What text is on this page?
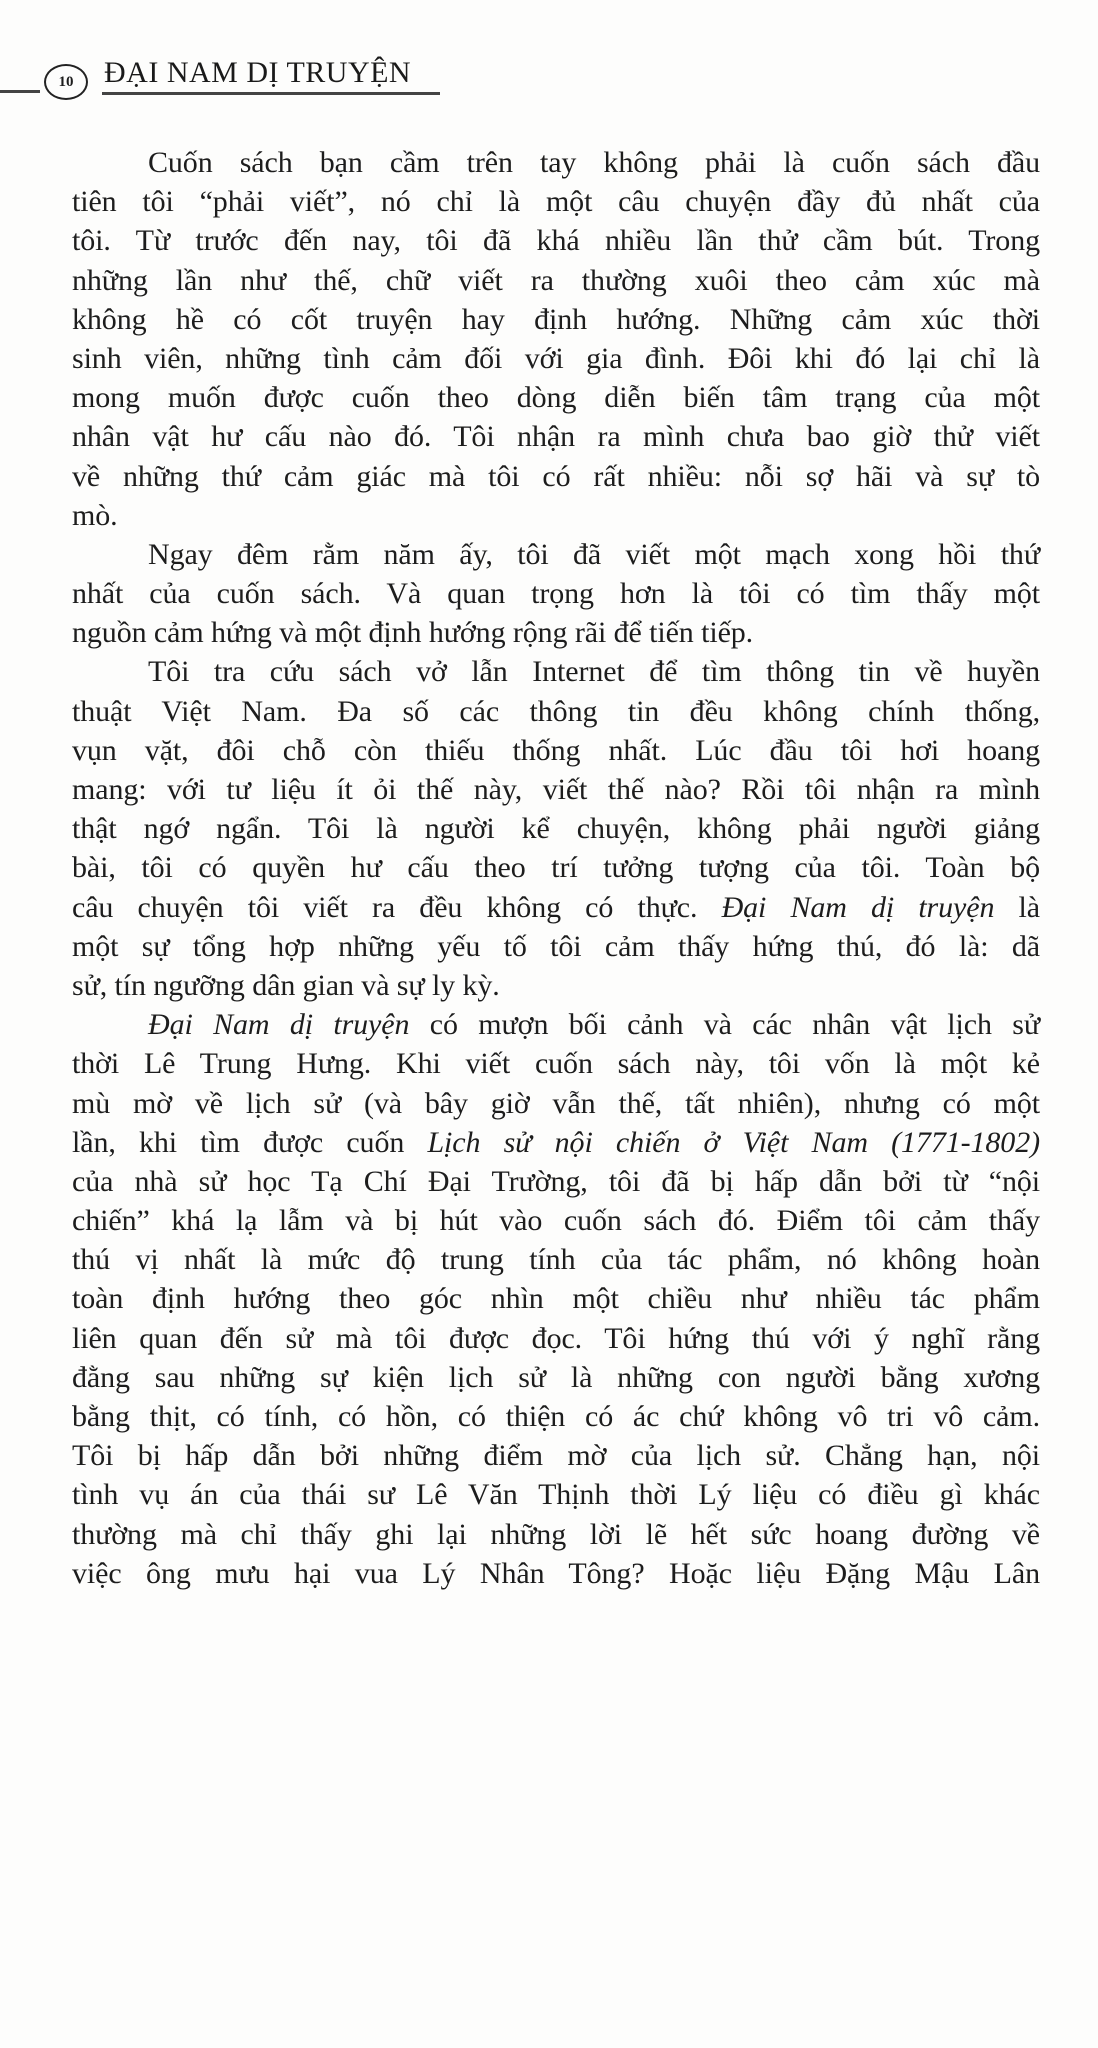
10	ĐẠI NAM DỊ TRUYỆN
Cuốn sách bạn cầm trên tay không phải là cuốn sách đầu
tiên tôi “phải viết”, nó chỉ là một câu chuyện đầy đủ nhất của
tôi. Từ trước đến nay, tôi đã khá nhiều lần thử cầm bút. Trong
những lần như thế, chữ viết ra thường xuôi theo cảm xúc mà
không hề có cốt truyện hay định hướng. Những cảm xúc thời
sinh viên, những tình cảm đối với gia đình. Đôi khi đó lại chỉ là
mong muốn được cuốn theo dòng diễn biến tâm trạng của một
nhân vật hư cấu nào đó. Tôi nhận ra mình chưa bao giờ thử viết
về những thứ cảm giác mà tôi có rất nhiều: nỗi sợ hãi và sự tò
mò.
Ngay đêm rằm năm ấy, tôi đã viết một mạch xong hồi thứ
nhất của cuốn sách. Và quan trọng hơn là tôi có tìm thấy một
nguồn cảm hứng và một định hướng rộng rãi để tiến tiếp.
Tôi tra cứu sách vở lẫn Internet để tìm thông tin về huyền
thuật Việt Nam. Đa số các thông tin đều không chính thống,
vụn vặt, đôi chỗ còn thiếu thống nhất. Lúc đầu tôi hơi hoang
mang: với tư liệu ít ỏi thế này, viết thế nào? Rồi tôi nhận ra mình
thật ngớ ngẩn. Tôi là người kể chuyện, không phải người giảng
bài, tôi có quyền hư cấu theo trí tưởng tượng của tôi. Toàn bộ
câu chuyện tôi viết ra đều không có thực. Đại Nam dị truyện là
một sự tổng hợp những yếu tố tôi cảm thấy hứng thú, đó là: dã
sử, tín ngưỡng dân gian và sự ly kỳ.
Đại Nam dị truyện có mượn bối cảnh và các nhân vật lịch sử
thời Lê Trung Hưng. Khi viết cuốn sách này, tôi vốn là một kẻ
mù mờ về lịch sử (và bây giờ vẫn thế, tất nhiên), nhưng có một
lần, khi tìm được cuốn Lịch sử nội chiến ở Việt Nam (1771-1802)
của nhà sử học Tạ Chí Đại Trường, tôi đã bị hấp dẫn bởi từ “nội
chiến” khá lạ lẫm và bị hút vào cuốn sách đó. Điểm tôi cảm thấy
thú vị nhất là mức độ trung tính của tác phẩm, nó không hoàn
toàn định hướng theo góc nhìn một chiều như nhiều tác phẩm
liên quan đến sử mà tôi được đọc. Tôi hứng thú với ý nghĩ rằng
đằng sau những sự kiện lịch sử là những con người bằng xương
bằng thịt, có tính, có hồn, có thiện có ác chứ không vô tri vô cảm.
Tôi bị hấp dẫn bởi những điểm mờ của lịch sử. Chẳng hạn, nội
tình vụ án của thái sư Lê Văn Thịnh thời Lý liệu có điều gì khác
thường mà chỉ thấy ghi lại những lời lẽ hết sức hoang đường về
việc ông mưu hại vua Lý Nhân Tông? Hoặc liệu Đặng Mậu Lân
